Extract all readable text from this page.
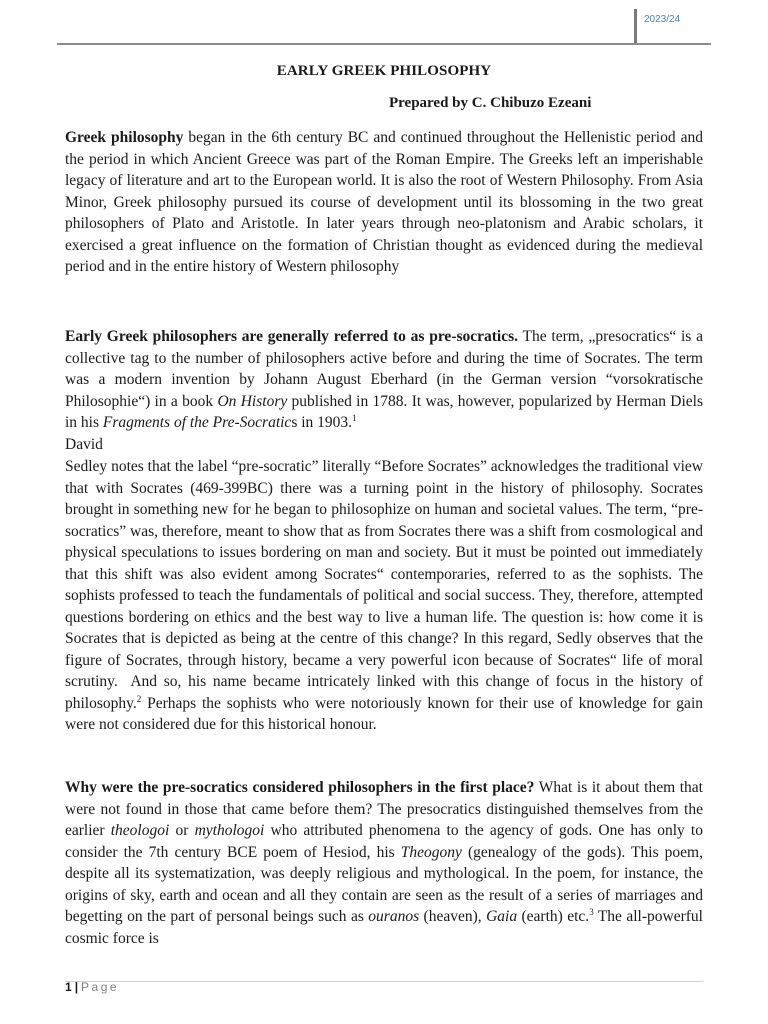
2023/24
EARLY GREEK PHILOSOPHY
Prepared by C. Chibuzo Ezeani
Greek philosophy began in the 6th century BC and continued throughout the Hellenistic period and the period in which Ancient Greece was part of the Roman Empire. The Greeks left an imperishable legacy of literature and art to the European world. It is also the root of Western Philosophy. From Asia Minor, Greek philosophy pursued its course of development until its blossoming in the two great philosophers of Plato and Aristotle. In later years through neo-platonism and Arabic scholars, it exercised a great influence on the formation of Christian thought as evidenced during the medieval period and in the entire history of Western philosophy
Early Greek philosophers are generally referred to as pre-socratics. The term, „presocratics“ is a collective tag to the number of philosophers active before and during the time of Socrates. The term was a modern invention by Johann August Eberhard (in the German version “vorsokratische Philosophie“) in a book On History published in 1788. It was, however, popularized by Herman Diels in his Fragments of the Pre-Socratics in 1903.$^1$
David
Sedley notes that the label “pre-socratic” literally “Before Socrates” acknowledges the traditional view that with Socrates (469-399BC) there was a turning point in the history of philosophy. Socrates brought in something new for he began to philosophize on human and societal values. The term, “pre-socratics” was, therefore, meant to show that as from Socrates there was a shift from cosmological and physical speculations to issues bordering on man and society. But it must be pointed out immediately that this shift was also evident among Socrates“ contemporaries, referred to as the sophists. The sophists professed to teach the fundamentals of political and social success. They, therefore, attempted questions bordering on ethics and the best way to live a human life. The question is: how come it is Socrates that is depicted as being at the centre of this change? In this regard, Sedly observes that the figure of Socrates, through history, became a very powerful icon because of Socrates“ life of moral scrutiny.  And so, his name became intricately linked with this change of focus in the history of philosophy.$^2$ Perhaps the sophists who were notoriously known for their use of knowledge for gain were not considered due for this historical honour.
Why were the pre-socratics considered philosophers in the first place? What is it about them that were not found in those that came before them? The presocratics distinguished themselves from the earlier theologoi or mythologoi who attributed phenomena to the agency of gods. One has only to consider the 7th century BCE poem of Hesiod, his Theogony (genealogy of the gods). This poem, despite all its systematization, was deeply religious and mythological. In the poem, for instance, the origins of sky, earth and ocean and all they contain are seen as the result of a series of marriages and begetting on the part of personal beings such as ouranos (heaven), Gaia (earth) etc.$^3$ The all-powerful cosmic force is
1 | Page
